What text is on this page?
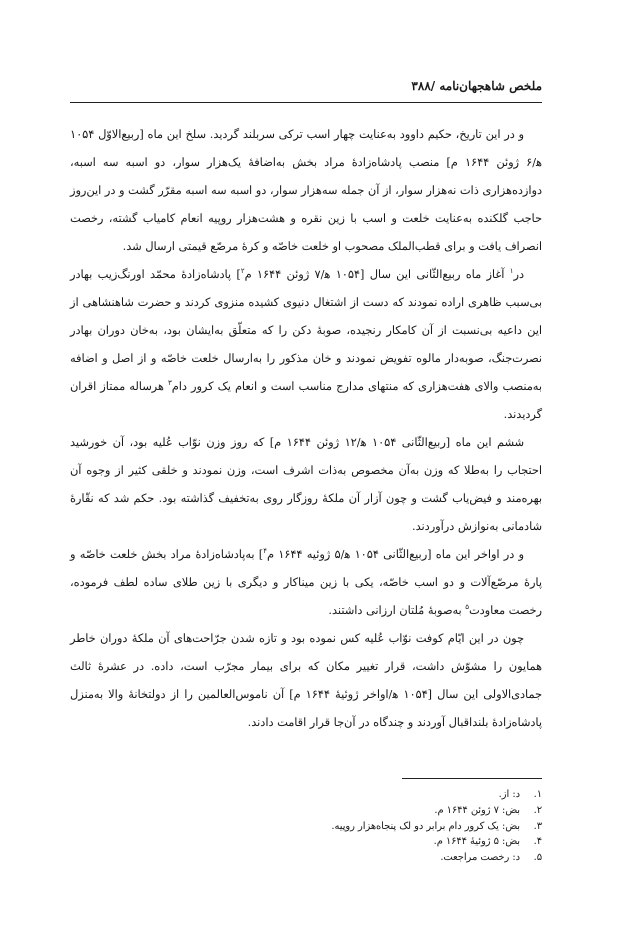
ملخص شاهجهان‌نامه /۳۸۸

و در این تاریخ، حکیم داوود به‌عنایت چهار اسب ترکی سربلند گردید. سلخ این ماه [ربیع‌الاوّل ۱۰۵۴ ه‍/۶ ژوئن ۱۶۴۴ م] منصب پادشاه‌زادهٔ مراد بخش به‌اضافهٔ یک‌هزار سوار، دو اسبه سه اسبه، دوازده‌هزاری ذات نه‌هزار سوار، از آن جمله سه‌هزار سوار، دو اسبه سه اسبه مقرّر گشت و در این‌روز حاجب گلکنده به‌عنایت خلعت و اسب با زین نقره و هشت‌هزار روپیه انعام کامیاب گشته، رخصت انصراف یافت و برای قطب‌الملک مصحوب او خلعت خاصّه و کرهٔ مرصّع قیمتی ارسال شد.

در$^۱$ آغاز ماه ربیع‌الثّانی این سال [۱۰۵۴ ه‍/۷ ژوئن ۱۶۴۴ م$^۲$] پادشاه‌زادهٔ محمّد اورنگ‌زیب بهادر بی‌سبب ظاهری اراده نمودند که دست از اشتغال دنیوی کشیده منزوی کردند و حضرت شاهنشاهی از این داعیه بی‌نسبت از آن کامکار رنجیده، صوبهٔ دکن را که متعلّق به‌ایشان بود، به‌خان دوران بهادر نصرت‌جنگ، صوبه‌دار مالوه تفویض نمودند و خان مذکور را به‌ارسال خلعت خاصّه و از اصل و اضافه به‌منصب والای هفت‌هزاری که منتهای مدارج مناسب است و انعام یک کرور دام$^۳$ هرساله ممتاز اقران گردیدند.

ششم این ماه [ربیع‌الثّانی ۱۰۵۴ ه‍/۱۲ ژوئن ۱۶۴۴ م] که روز وزن نوّاب عُلیه بود، آن خورشید احتجاب را به‌طلا که وزن به‌آن مخصوص به‌ذات اشرف است، وزن نمودند و خلقی کثیر از وجوه آن بهره‌مند و فیض‌یاب گشت و چون آزار آن ملکهٔ روزگار روی به‌تخفیف گذاشته بود. حکم شد که نقّارهٔ شادمانی به‌نوازش درآوردند.

و در اواخر این ماه [ربیع‌الثّانی ۱۰۵۴ ه‍/۵ ژوئیه ۱۶۴۴ م$^۴$] به‌پادشاه‌زادهٔ مراد بخش خلعت خاصّه و پارهٔ مرصّع‌آلات و دو اسب خاصّه، یکی با زین میناکار و دیگری با زین طلای ساده لطف فرموده، رخصت معاودت$^۵$ به‌صوبهٔ مُلتان ارزانی داشتند.

چون در این ایّام کوفت نوّاب عُلیه کس نموده بود و تازه شدن جرّاحت‌های آن ملکهٔ دوران خاطر همایون را مشوّش داشت، قرار تغییر مکان که برای بیمار مجرّب است، داده. در عشرهٔ ثالث جمادی‌الاولی این سال [۱۰۵۴ ه‍/اواخر ژوئیهٔ ۱۶۴۴ م] آن ناموس‌العالمین را از دولتخانهٔ والا به‌منزل پادشاه‌زادهٔ بلنداقبال آوردند و چندگاه در آن‌جا قرار اقامت دادند.

۱.
د: از.
۲.
بض: ۷ ژوئن ۱۶۴۴ م.
۳.
بض: یک کرور دام برابر دو لک پنجاه‌هزار روپیه.
۴.
بض: ۵ ژوئیهٔ ۱۶۴۴ م.
۵.
د: رخصت مراجعت.
